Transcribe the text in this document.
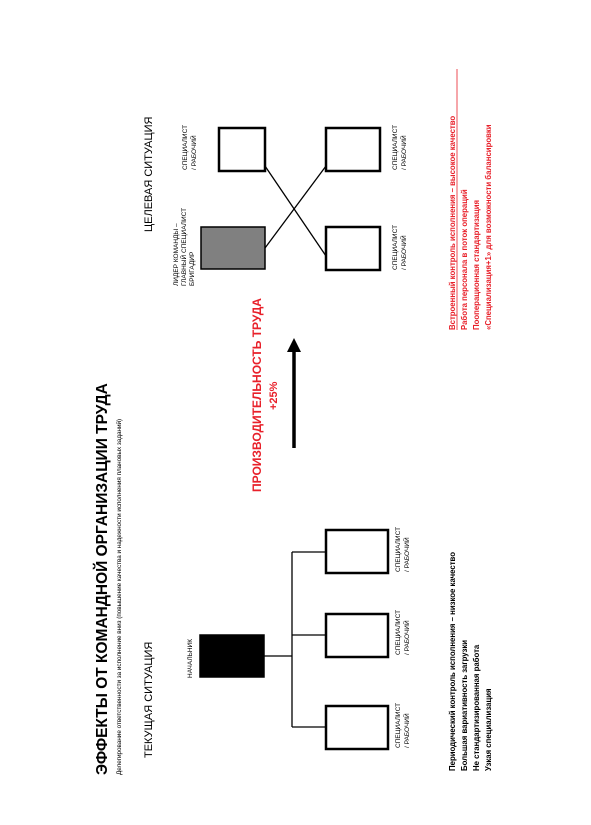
ЭФФЕКТЫ ОТ КОМАНДНОЙ ОРГАНИЗАЦИИ ТРУДА Делегирование ответственности за исполнение вниз (повышение качества и надежности исполнения плановых заданий) ТЕКУЩАЯ СИТУАЦИЯ	НАЧАЛЬНИК
СПЕЦИАЛИСТ / РАБОЧИЙ
СПЕЦИАЛИСТ / РАБОЧИЙ
СПЕЦИАЛИСТ / РАБОЧИЙ	Периодический контроль исполнения – низкое качество Большая вариативность загрузки Не стандартизированная работа Узкая специализация
ПРОИЗВОДИТЕЛЬНОСТЬ ТРУДА +25%
ЦЕЛЕВАЯ СИТУАЦИЯ
ЛИДЕР КОМАНДЫ – ГЛАВНЫЙ СПЕЦИАЛИСТ БРИГАДИР
СПЕЦИАЛИСТ / РАБОЧИЙ	СПЕЦИАЛИСТ / РАБОЧИЙ
СПЕЦИАЛИСТ / РАБОЧИЙ	Встроенный контроль исполнения – высокое качество Работа персонала в поток операций Пооперационная стандартизация «Специализация+1» для возможности балансировки
